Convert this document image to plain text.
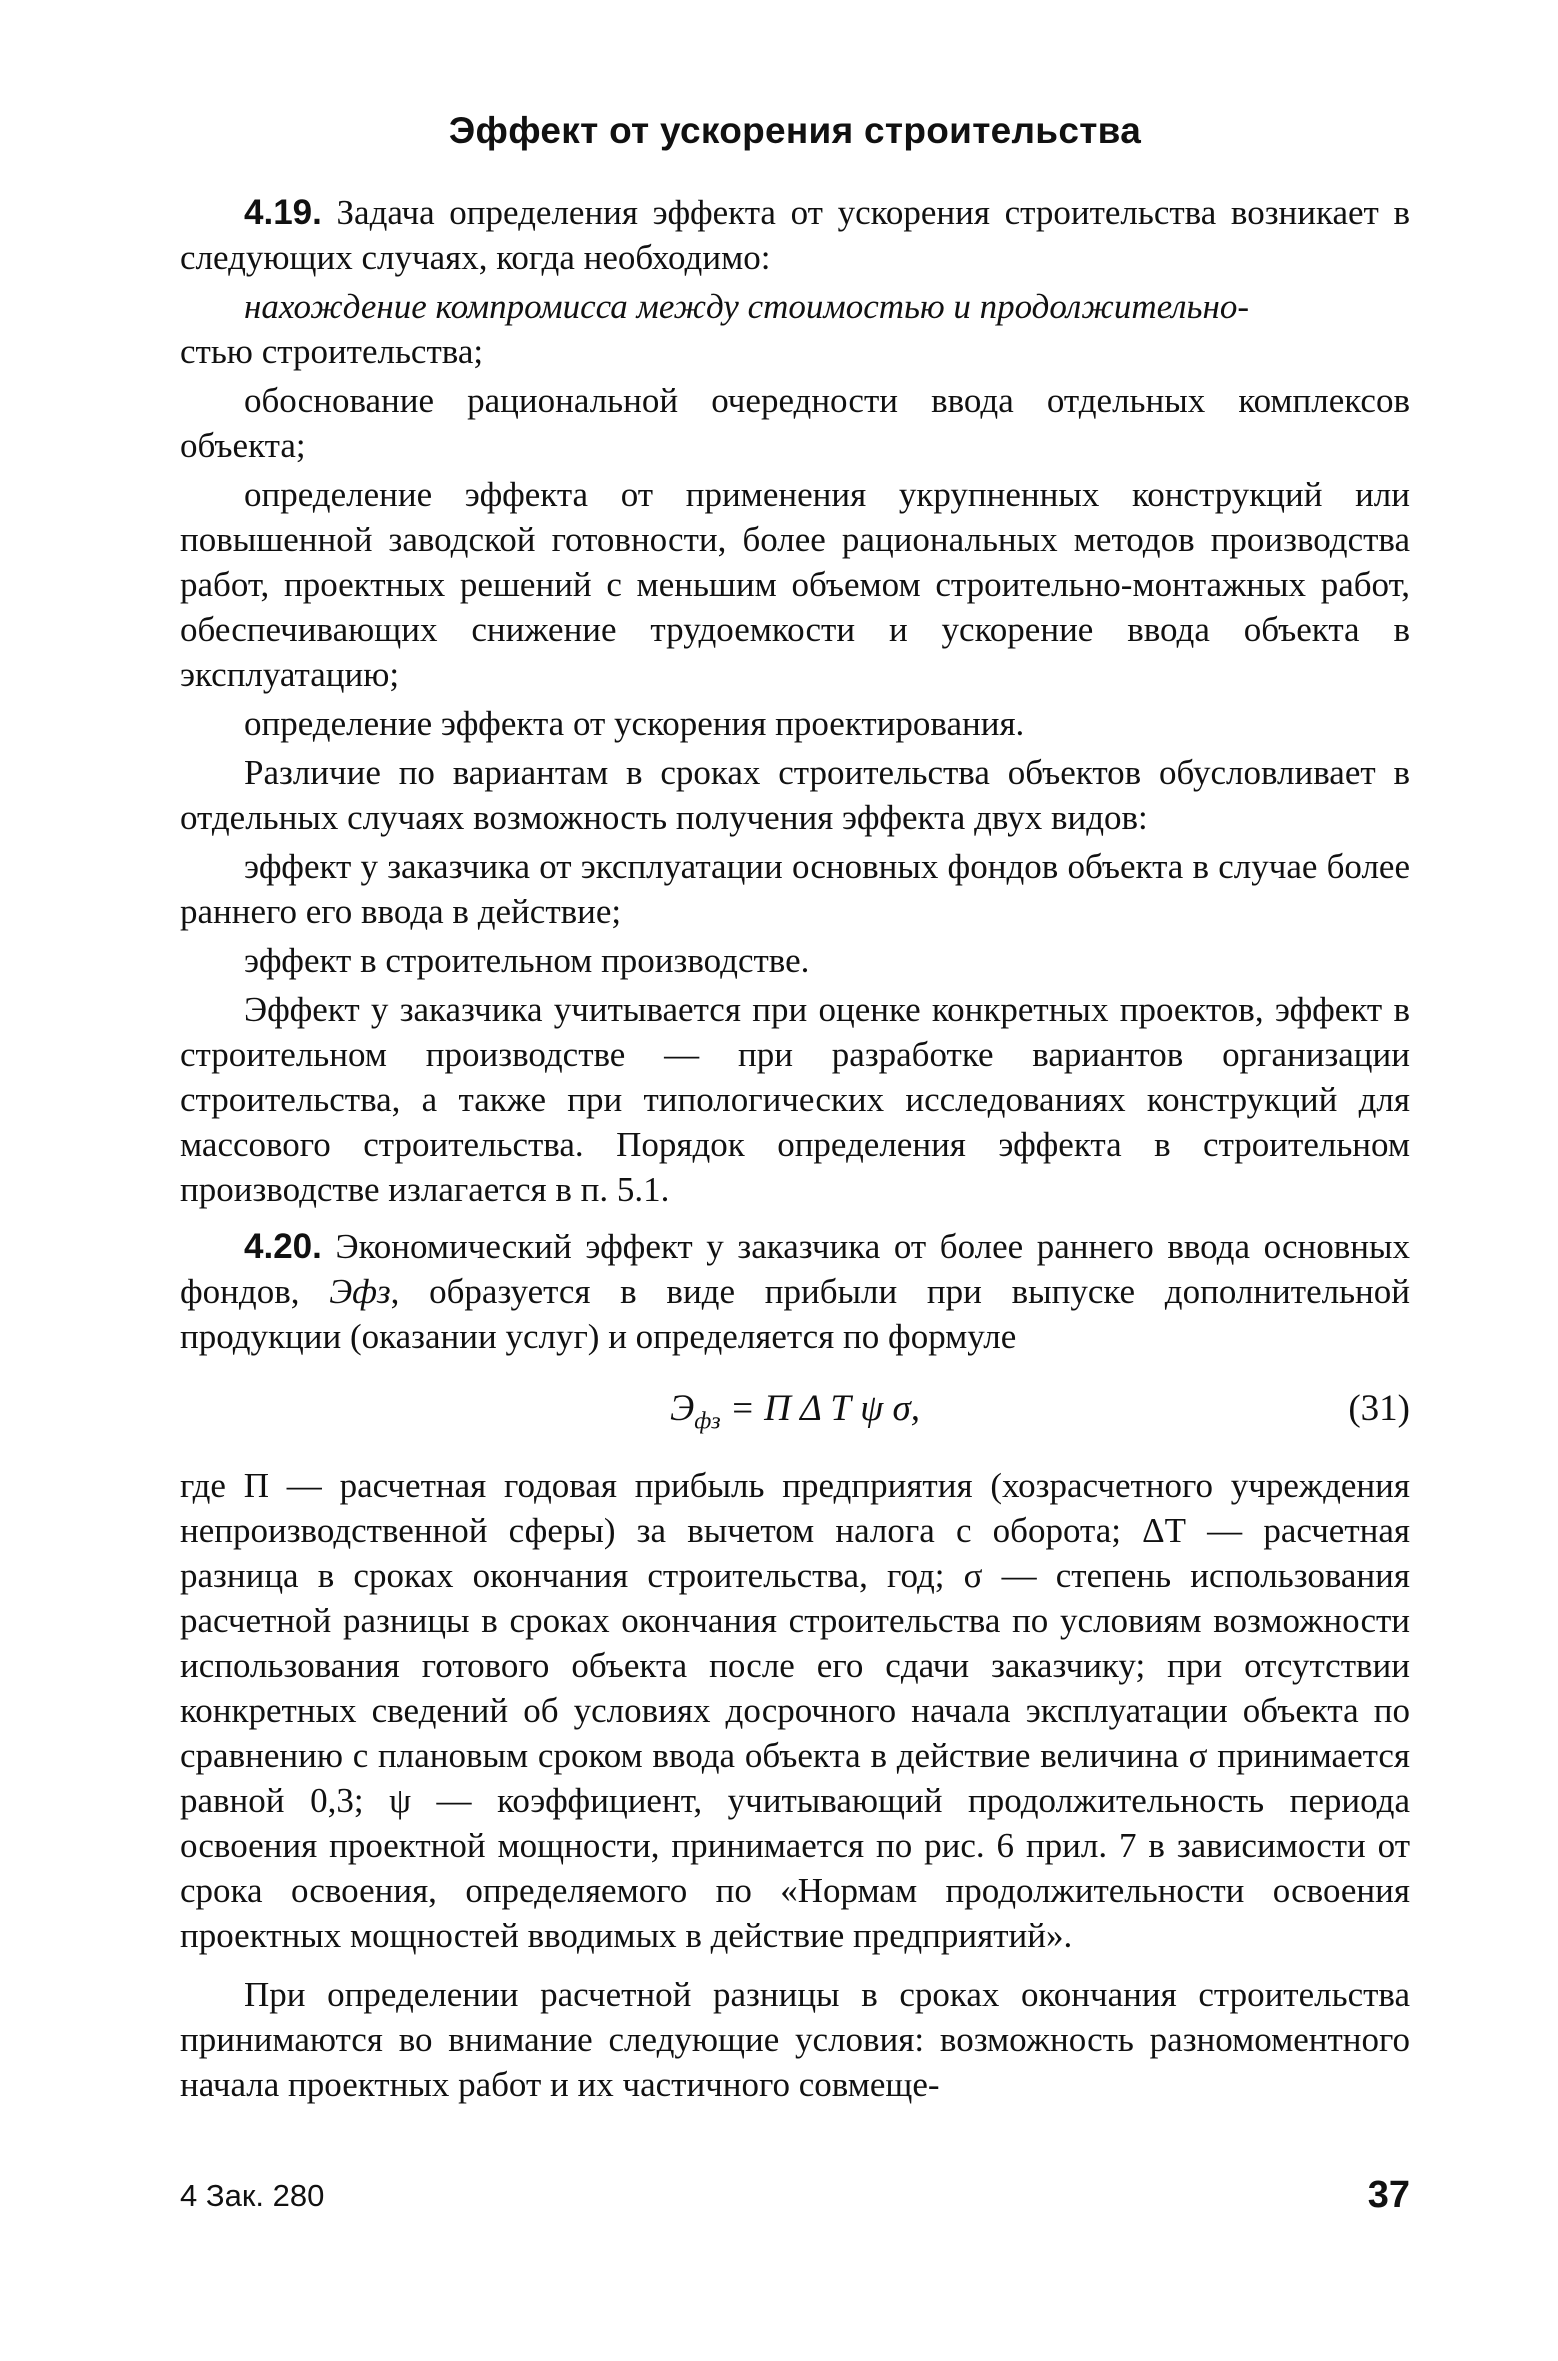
Эффект от ускорения строительства

4.19. Задача определения эффекта от ускорения строительства возникает в следующих случаях, когда необходимо:

нахождение компромисса между стоимостью и продолжительно-

стью строительства;

обоснование рациональной очередности ввода отдельных комплексов объекта;

определение эффекта от применения укрупненных конструкций или повышенной заводской готовности, более рациональных методов производства работ, проектных решений с меньшим объемом строительно-монтажных работ, обеспечивающих снижение трудоемкости и ускорение ввода объекта в эксплуатацию;

определение эффекта от ускорения проектирования.

Различие по вариантам в сроках строительства объектов обусловливает в отдельных случаях возможность получения эффекта двух видов:

эффект у заказчика от эксплуатации основных фондов объекта в случае более раннего его ввода в действие;

эффект в строительном производстве.

Эффект у заказчика учитывается при оценке конкретных проектов, эффект в строительном производстве — при разработке вариантов организации строительства, а также при типологических исследованиях конструкций для массового строительства. Порядок определения эффекта в строительном производстве излагается в п. 5.1.

4.20. Экономический эффект у заказчика от более раннего ввода основных фондов, Эфз, образуется в виде прибыли при выпуске дополнительной продукции (оказании услуг) и определяется по формуле

$Э_{фз} = П$ Δ Т ψ σ,	(31)

где П — расчетная годовая прибыль предприятия (хозрасчетного учреждения непроизводственной сферы) за вычетом налога с оборота; ΔТ — расчетная разница в сроках окончания строительства, год; σ — степень использования расчетной разницы в сроках окончания строительства по условиям возможности использования готового объекта после его сдачи заказчику; при отсутствии конкретных сведений об условиях досрочного начала эксплуатации объекта по сравнению с плановым сроком ввода объекта в действие величина σ принимается равной 0,3; ψ — коэффициент, учитывающий продолжительность периода освоения проектной мощности, принимается по рис. 6 прил. 7 в зависимости от срока освоения, определяемого по «Нормам продолжительности освоения проектных мощностей вводимых в действие предприятий».

При определении расчетной разницы в сроках окончания строительства принимаются во внимание следующие условия: возможность разномоментного начала проектных работ и их частичного совмеще-

4 Зак. 280	37
